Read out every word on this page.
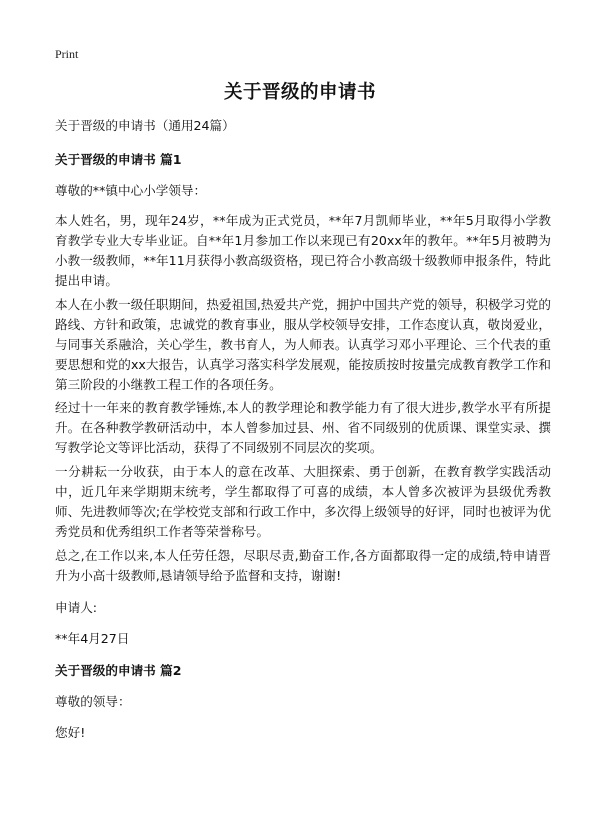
Print
关于晋级的申请书

关于晋级的申请书（通用24篇）

关于晋级的申请书 篇1

尊敬的**镇中心小学领导：

本人姓名，男，现年24岁，**年成为正式党员，**年7月凯师毕业，**年5月取得小学教育教学专业大专毕业证。自**年1月参加工作以来现已有20xx年的教年。**年5月被聘为小教一级教师，**年11月获得小教高级资格，现已符合小教高级十级教师申报条件，特此提出申请。

本人在小教一级任职期间，热爱祖国,热爱共产党，拥护中国共产党的领导，积极学习党的路线、方针和政策，忠诚党的教育事业，服从学校领导安排，工作态度认真，敬岗爱业，与同事关系融洽，关心学生，教书育人，为人师表。认真学习邓小平理论、三个代表的重要思想和党的xx大报告，认真学习落实科学发展观，能按质按时按量完成教育教学工作和第三阶段的小继教工程工作的各项任务。

经过十一年来的教育教学锤炼,本人的教学理论和教学能力有了很大进步,教学水平有所提升。在各种教学教研活动中，本人曾参加过县、州、省不同级别的优质课、课堂实录、撰写教学论文等评比活动，获得了不同级别不同层次的奖项。

一分耕耘一分收获，由于本人的意在改革、大胆探索、勇于创新，在教育教学实践活动中，近几年来学期期末统考，学生都取得了可喜的成绩，本人曾多次被评为县级优秀教师、先进教师等次;在学校党支部和行政工作中，多次得上级领导的好评，同时也被评为优秀党员和优秀组织工作者等荣誉称号。

总之,在工作以来,本人任劳任怨，尽职尽责,勤奋工作,各方面都取得一定的成绩,特申请晋升为小高十级教师,恳请领导给予监督和支持，谢谢!

申请人:

**年4月27日

关于晋级的申请书 篇2

尊敬的领导：

您好!
